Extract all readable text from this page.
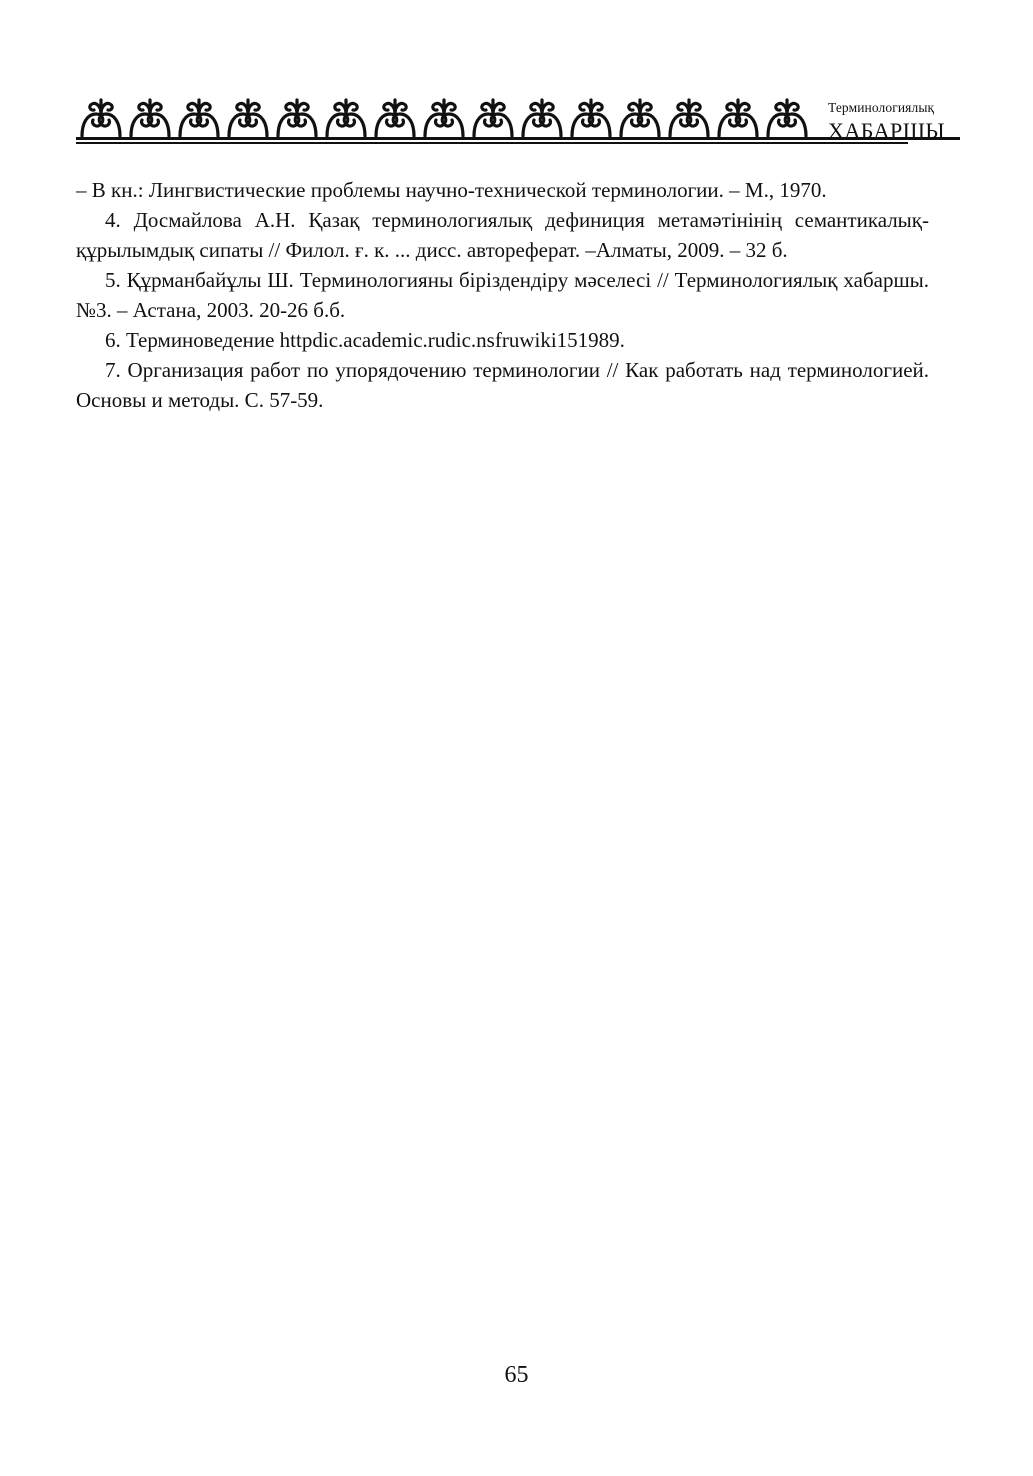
Терминологиялық
ХАБАРШЫ

– В кн.: Лингвистические проблемы научно-технической терминологии. – М., 1970.

4. Досмайлова А.Н. Қазақ терминологиялық дефиниция метамәтінінің семантикалық-құрылымдық сипаты // Филол. ғ. к. ... дисс. автореферат. –Алматы, 2009. – 32 б.

5. Құрманбайұлы Ш. Терминологияны біріздендіру мәселесі // Терминологиялық хабаршы. №3. – Астана, 2003. 20-26 б.б.

6. Терминоведение httpdic.academic.rudic.nsfruwiki151989.

7. Организация работ по упорядочению терминологии // Как работать над терминологией. Основы и методы. С. 57-59.

65
